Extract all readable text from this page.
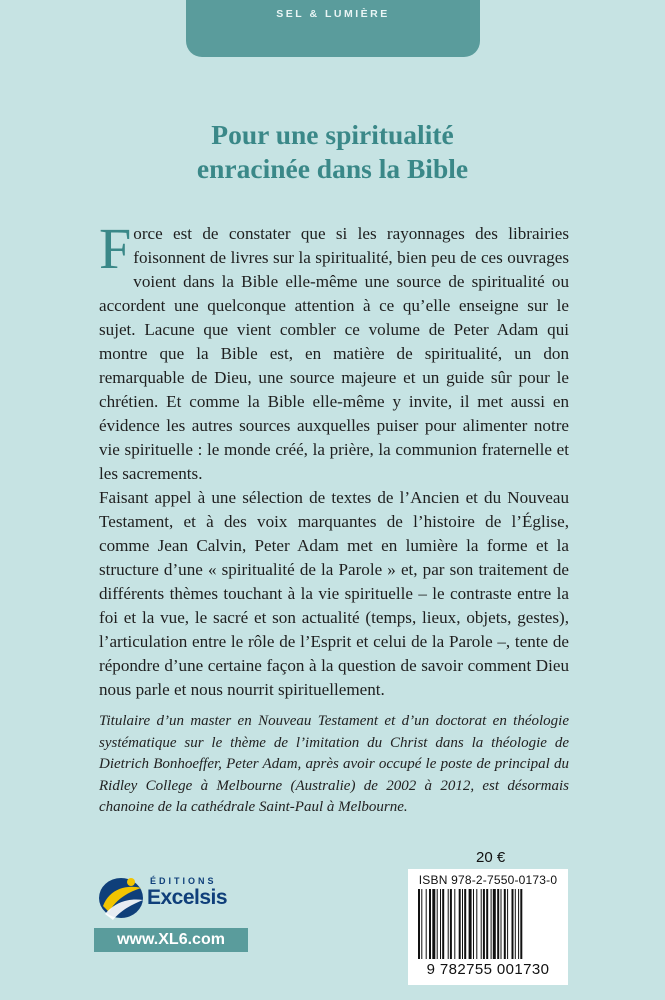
SEL & LUMIÈRE
Pour une spiritualité
enracinée dans la Bible

Force est de constater que si les rayonnages des librairies foisonnent de livres sur la spiritualité, bien peu de ces ouvrages voient dans la Bible elle-même une source de spiritualité ou accordent une quelconque attention à ce qu’elle enseigne sur le sujet. Lacune que vient combler ce volume de Peter Adam qui montre que la Bible est, en matière de spiritualité, un don remarquable de Dieu, une source majeure et un guide sûr pour le chrétien. Et comme la Bible elle-même y invite, il met aussi en évidence les autres sources auxquelles puiser pour alimenter notre vie spirituelle : le monde créé, la prière, la communion fraternelle et les sacrements.

Faisant appel à une sélection de textes de l’Ancien et du Nouveau Testament, et à des voix marquantes de l’histoire de l’Église, comme Jean Calvin, Peter Adam met en lumière la forme et la structure d’une « spiritualité de la Parole » et, par son traitement de différents thèmes touchant à la vie spirituelle – le contraste entre la foi et la vue, le sacré et son actualité (temps, lieux, objets, gestes), l’articulation entre le rôle de l’Esprit et celui de la Parole –, tente de répondre d’une certaine façon à la question de savoir comment Dieu nous parle et nous nourrit spirituellement.

Titulaire d’un master en Nouveau Testament et d’un doctorat en théologie systématique sur le thème de l’imitation du Christ dans la théologie de Dietrich Bonhoeffer, Peter Adam, après avoir occupé le poste de principal du Ridley College à Melbourne (Australie) de 2002 à 2012, est désormais chanoine de la cathédrale Saint-Paul à Melbourne.
ÉDITIONS
Excelsis
www.XL6.com
20 €
ISBN 978-2-7550-0173-0
9 782755 001730
